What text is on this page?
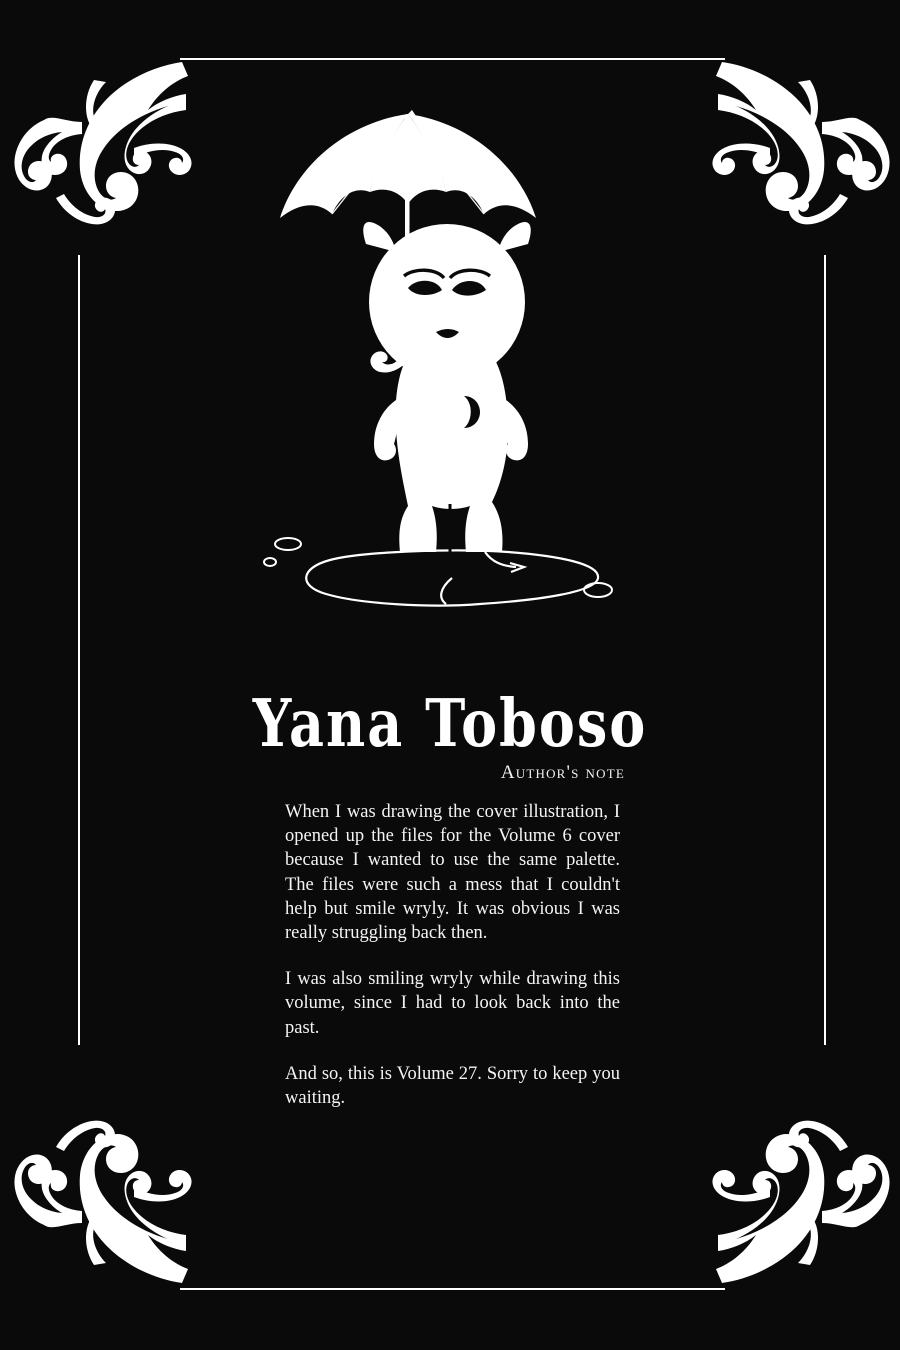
Yana Toboso
Author's note

When I was drawing the cover illustration, I opened up the files for the Volume 6 cover because I wanted to use the same palette. The files were such a mess that I couldn't help but smile wryly. It was obvious I was really struggling back then.

I was also smiling wryly while drawing this volume, since I had to look back into the past.

And so, this is Volume 27. Sorry to keep you waiting.
